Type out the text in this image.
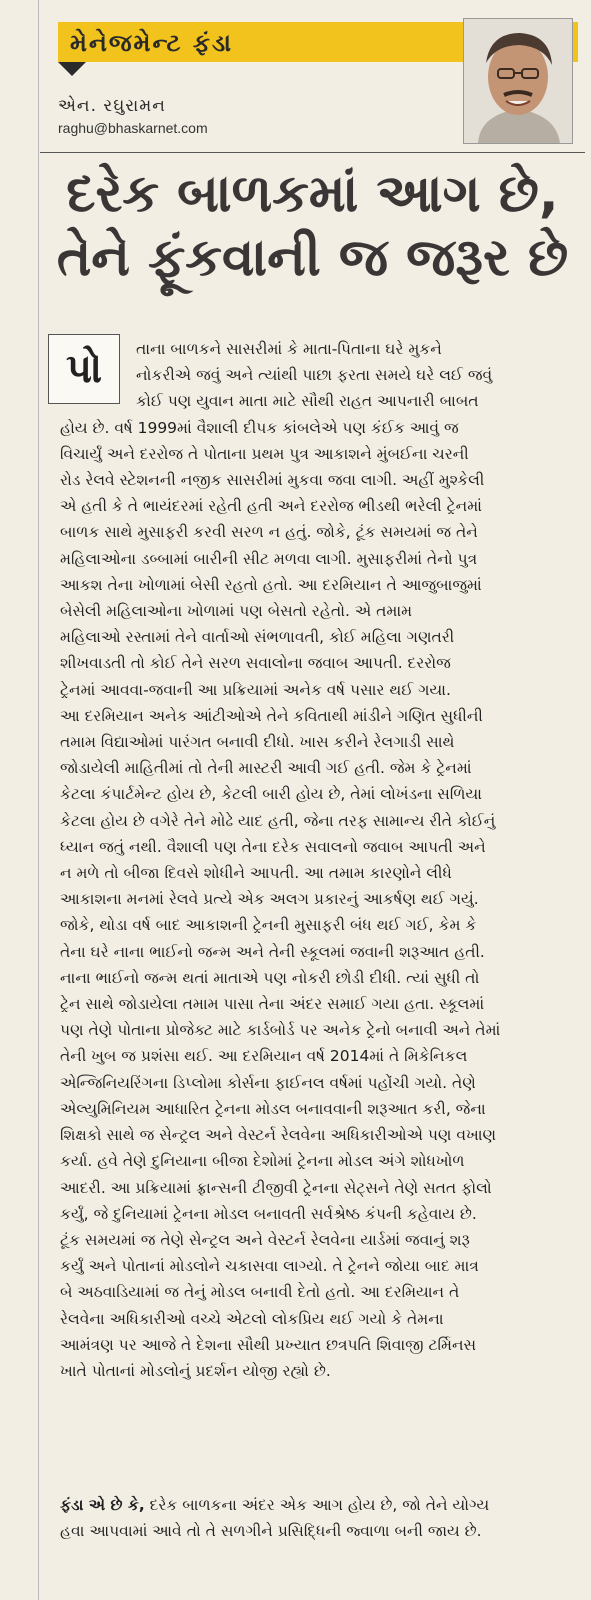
મેનેજમેન્ટ ફંડા
એન. રઘુરામન
raghu@bhaskarnet.com
દરેક બાળકમાં આગ છે,
તેને ફૂંકવાની જ જરૂર છે
પો	તાના બાળકને સાસરીમાં કે માતા-પિતાના ઘરે મુકને
નોકરીએ જવું અને ત્યાંથી પાછા ફરતા સમયે ઘરે લઈ જવું
કોઈ પણ યુવાન માતા માટે સૌથી રાહત આપનારી બાબત
હોય છે. વર્ષ 1999માં વૈશાલી દીપક કાંબલેએ પણ કંઈક આવું જ
વિચાર્યું અને દરરોજ તે પોતાના પ્રથમ પુત્ર આકાશને મુંબઈના ચરની
રોડ રેલવે સ્ટેશનની નજીક સાસરીમાં મુકવા જવા લાગી. અહીં મુશ્કેલી
એ હતી કે તે ભાયંદરમાં રહેતી હતી અને દરરોજ ભીડથી ભરેલી ટ્રેનમાં
બાળક સાથે મુસાફરી કરવી સરળ ન હતું. જોકે, ટૂંક સમયમાં જ તેને
મહિલાઓના ડબ્બામાં બારીની સીટ મળવા લાગી. મુસાફરીમાં તેનો પુત્ર
આકશ તેના ખોળામાં બેસી રહતો હતો. આ દરમિયાન તે આજુબાજુમાં
બેસેલી મહિલાઓના ખોળામાં પણ બેસતો રહેતો. એ તમામ
મહિલાઓ રસ્તામાં તેને વાર્તાઓ સંભળાવતી, કોઈ મહિલા ગણતરી
શીખવાડતી તો કોઈ તેને સરળ સવાલોના જવાબ આપતી. દરરોજ
ટ્રેનમાં આવવા-જવાની આ પ્રક્રિયામાં અનેક વર્ષ પસાર થઈ ગયા.
આ દરમિયાન અનેક આંટીઓએ તેને કવિતાથી માંડીને ગણિત સુધીની
તમામ વિદ્યાઓમાં પારંગત બનાવી દીધો. ખાસ કરીને રેલગાડી સાથે
જોડાયેલી માહિતીમાં તો તેની માસ્ટરી આવી ગઈ હતી. જેમ કે ટ્રેનમાં
કેટલા કંપાર્ટમેન્ટ હોય છે, કેટલી બારી હોય છે, તેમાં લોખંડના સળિયા
કેટલા હોય છે વગેરે તેને મોઢે યાદ હતી, જેના તરફ સામાન્ય રીતે કોઈનું
ધ્યાન જતું નથી. વૈશાલી પણ તેના દરેક સવાલનો જવાબ આપતી અને
ન મળે તો બીજા દિવસે શોધીને આપતી. આ તમામ કારણોને લીધે
આકાશના મનમાં રેલવે પ્રત્યે એક અલગ પ્રકારનું આકર્ષણ થઈ ગયું.
જોકે, થોડા વર્ષ બાદ આકાશની ટ્રેનની મુસાફરી બંધ થઈ ગઈ, કેમ કે
તેના ઘરે નાના ભાઈનો જન્મ અને તેની સ્કૂલમાં જવાની શરૂઆત હતી.
નાના ભાઈનો જન્મ થતાં માતાએ પણ નોકરી છોડી દીધી. ત્યાં સુધી તો
ટ્રેન સાથે જોડાયેલા તમામ પાસા તેના અંદર સમાઈ ગયા હતા. સ્કૂલમાં
પણ તેણે પોતાના પ્રોજેક્ટ માટે કાર્ડબોર્ડ પર અનેક ટ્રેનો બનાવી અને તેમાં
તેની ખુબ જ પ્રશંસા થઈ. આ દરમિયાન વર્ષ 2014માં તે મિકેનિકલ
એન્જિનિયરિંગના ડિપ્લોમા કોર્સના ફાઈનલ વર્ષમાં પહોંચી ગયો. તેણે
એલ્યુમિનિયમ આધારિત ટ્રેનના મોડલ બનાવવાની શરૂઆત કરી, જેના
શિક્ષકો સાથે જ સેન્ટ્રલ અને વેસ્ટર્ન રેલવેના અધિકારીઓએ પણ વખાણ
કર્યા. હવે તેણે દુનિયાના બીજા દેશોમાં ટ્રેનના મોડલ અંગે શોધખોળ
આદરી. આ પ્રક્રિયામાં ફ્રાન્સની ટીજીવી ટ્રેનના સેટ્સને તેણે સતત ફોલો
કર્યું, જે દુનિયામાં ટ્રેનના મોડલ બનાવતી સર્વશ્રેષ્ઠ કંપની કહેવાય છે.
ટૂંક સમયમાં જ તેણે સેન્ટ્રલ અને વેસ્ટર્ન રેલવેના યાર્ડમાં જવાનું શરૂ
કર્યું અને પોતાનાં મોડલોને ચકાસવા લાગ્યો. તે ટ્રેનને જોયા બાદ માત્ર
બે અઠવાડિયામાં જ તેનું મોડલ બનાવી દેતો હતો. આ દરમિયાન તે
રેલવેના અધિકારીઓ વચ્ચે એટલો લોકપ્રિય થઈ ગયો કે તેમના
આમંત્રણ પર આજે તે દેશના સૌથી પ્રખ્યાત છત્રપતિ શિવાજી ટર્મિનસ
ખાતે પોતાનાં મોડલોનું પ્રદર્શન યોજી રહ્યો છે.
ફંડા એ છે કે, દરેક બાળકના અંદર એક આગ હોય છે, જો તેને યોગ્ય
હવા આપવામાં આવે તો તે સળગીને પ્રસિદ્ધિની જ્વાળા બની જાય છે.
